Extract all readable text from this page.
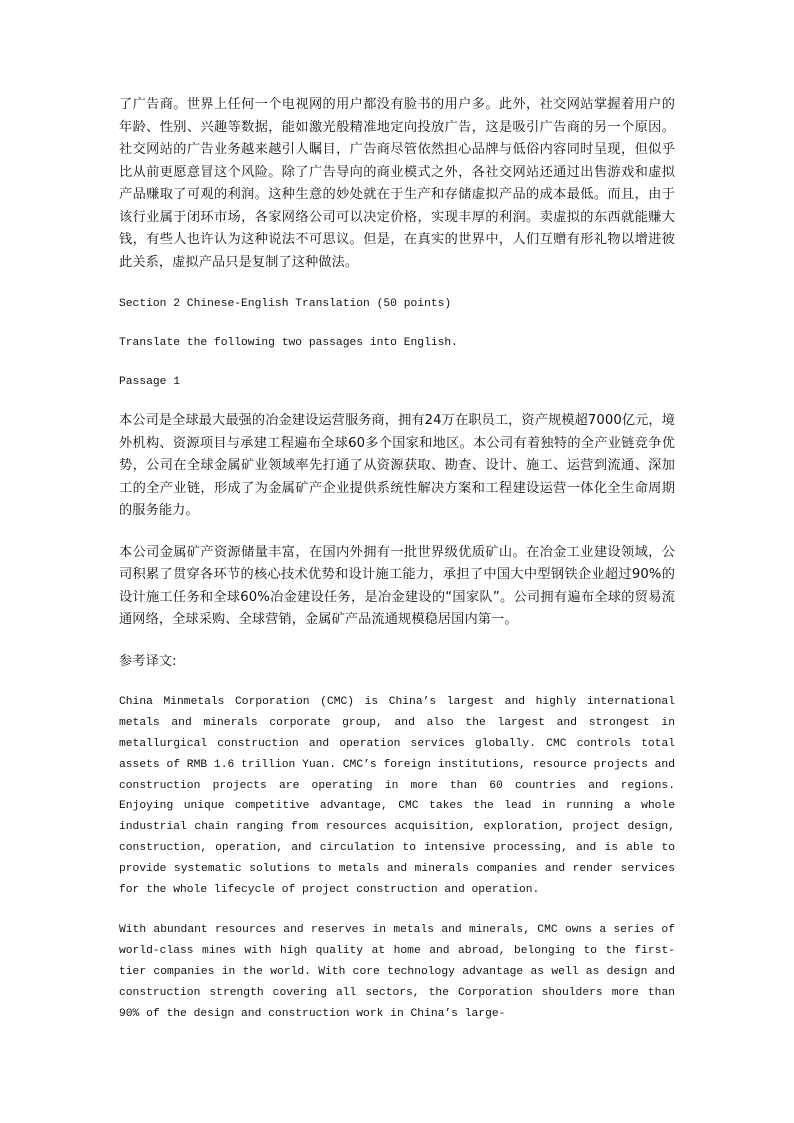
了广告商。世界上任何一个电视网的用户都没有脸书的用户多。此外，社交网站掌握着用户的年龄、性别、兴趣等数据，能如激光般精准地定向投放广告，这是吸引广告商的另一个原因。社交网站的广告业务越来越引人瞩目，广告商尽管依然担心品牌与低俗内容同时呈现，但似乎比从前更愿意冒这个风险。除了广告导向的商业模式之外，各社交网站还通过出售游戏和虚拟产品赚取了可观的利润。这种生意的妙处就在于生产和存储虚拟产品的成本最低。而且，由于该行业属于闭环市场，各家网络公司可以决定价格，实现丰厚的利润。卖虚拟的东西就能赚大钱，有些人也许认为这种说法不可思议。但是，在真实的世界中，人们互赠有形礼物以增进彼此关系，虚拟产品只是复制了这种做法。

Section 2 Chinese-English Translation (50 points)

Translate the following two passages into English.

Passage 1

本公司是全球最大最强的冶金建设运营服务商，拥有24万在职员工，资产规模超7000亿元，境外机构、资源项目与承建工程遍布全球60多个国家和地区。本公司有着独特的全产业链竞争优势，公司在全球金属矿业领域率先打通了从资源获取、勘查、设计、施工、运营到流通、深加工的全产业链，形成了为金属矿产企业提供系统性解决方案和工程建设运营一体化全生命周期的服务能力。

本公司金属矿产资源储量丰富，在国内外拥有一批世界级优质矿山。在冶金工业建设领域，公司积累了贯穿各环节的核心技术优势和设计施工能力，承担了中国大中型钢铁企业超过90%的设计施工任务和全球60%冶金建设任务，是冶金建设的“国家队”。公司拥有遍布全球的贸易流通网络，全球采购、全球营销，金属矿产品流通规模稳居国内第一。

参考译文:

China Minmetals Corporation (CMC) is China’s largest and highly international metals and minerals corporate group, and also the largest and strongest in metallurgical construction and operation services globally. CMC controls total assets of RMB 1.6 trillion Yuan. CMC’s foreign institutions, resource projects and construction projects are operating in more than 60 countries and regions. Enjoying unique competitive advantage, CMC takes the lead in running a whole industrial chain ranging from resources acquisition, exploration, project design, construction, operation, and circulation to intensive processing, and is able to provide systematic solutions to metals and minerals companies and render services for the whole lifecycle of project construction and operation.

With abundant resources and reserves in metals and minerals, CMC owns a series of world-class mines with high quality at home and abroad, belonging to the first-tier companies in the world. With core technology advantage as well as design and construction strength covering all sectors, the Corporation shoulders more than 90% of the design and construction work in China’s large-
